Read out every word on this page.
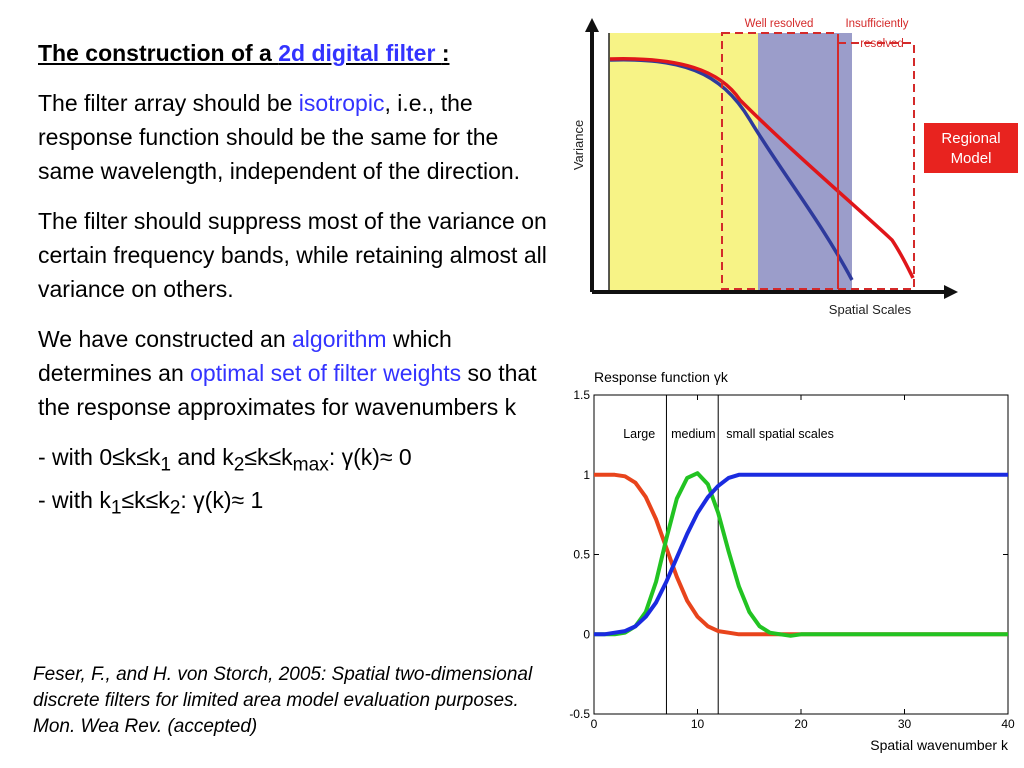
The construction of a 2d digital filter :

The filter array should be isotropic, i.e., the response function should be the same for the same wavelength, independent of the direction.

The filter should suppress most of the variance on certain frequency bands, while retaining almost all variance on others.

We have constructed an algorithm which determines an optimal set of filter weights so that the response approximates for wavenumbers k

- with $0\le k\le k_1$ and $k_2\le k\le k_{max}$: γ(k)≈ 0
- with $k_1\le k\le k_2$: γ(k)≈ 1
Feser, F., and H. von Storch, 2005: Spatial two-dimensional
discrete filters for limited area model evaluation purposes.
Mon. Wea Rev. (accepted)
Variance
Spatial Scales
Well resolved	Insufficiently
resolved
Regional
Model
0	10	20	30	40
-0.5
0
0.5
1
1.5
Large medium small spatial scales
Response function γk
Spatial wavenumber k
